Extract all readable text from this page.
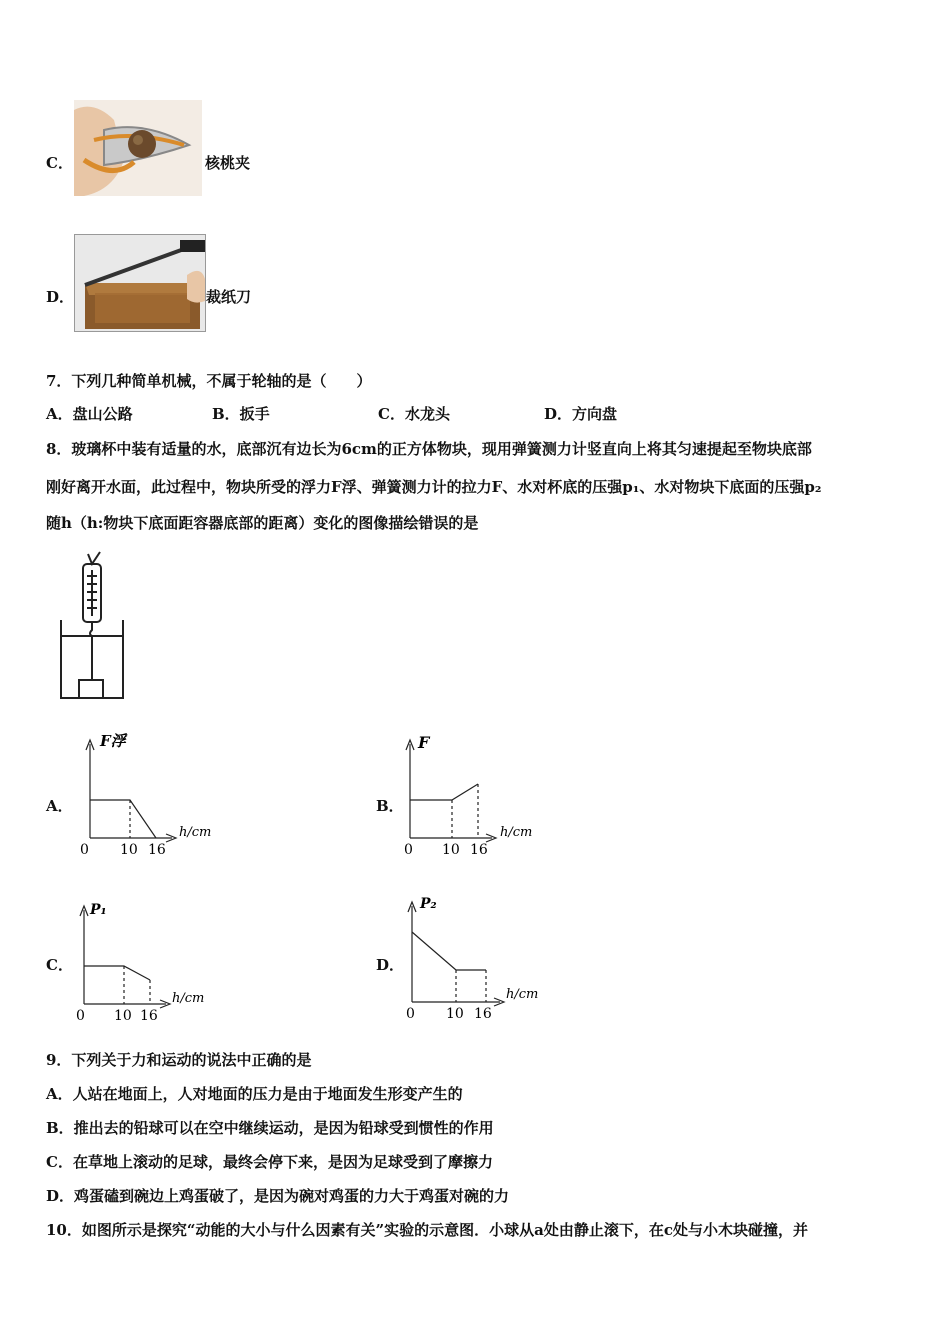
C．	核桃夹
D．	裁纸刀
7．下列几种简单机械，不属于轮轴的是（　　）
A．盘山公路	B．扳手	C．水龙头	D．方向盘
8．玻璃杯中装有适量的水，底部沉有边长为6cm的正方体物块，现用弹簧测力计竖直向上将其匀速提起至物块底部
刚好离开水面，此过程中，物块所受的浮力F浮、弹簧测力计的拉力F、水对杯底的压强p₁、水对物块下底面的压强p₂
随h（h:物块下底面距容器底部的距离）变化的图像描绘错误的是
A．	B．
C．	D．
F浮
h/cm
0 10 16
F
h/cm
0 10 16
P₁
h/cm
0 10 16
P₂
h/cm
0 10 16
9．下列关于力和运动的说法中正确的是
A．人站在地面上，人对地面的压力是由于地面发生形变产生的
B．推出去的铅球可以在空中继续运动，是因为铅球受到惯性的作用
C．在草地上滚动的足球，最终会停下来，是因为足球受到了摩擦力
D．鸡蛋磕到碗边上鸡蛋破了，是因为碗对鸡蛋的力大于鸡蛋对碗的力
10．如图所示是探究“动能的大小与什么因素有关”实验的示意图．小球从a处由静止滚下，在c处与小木块碰撞，并
